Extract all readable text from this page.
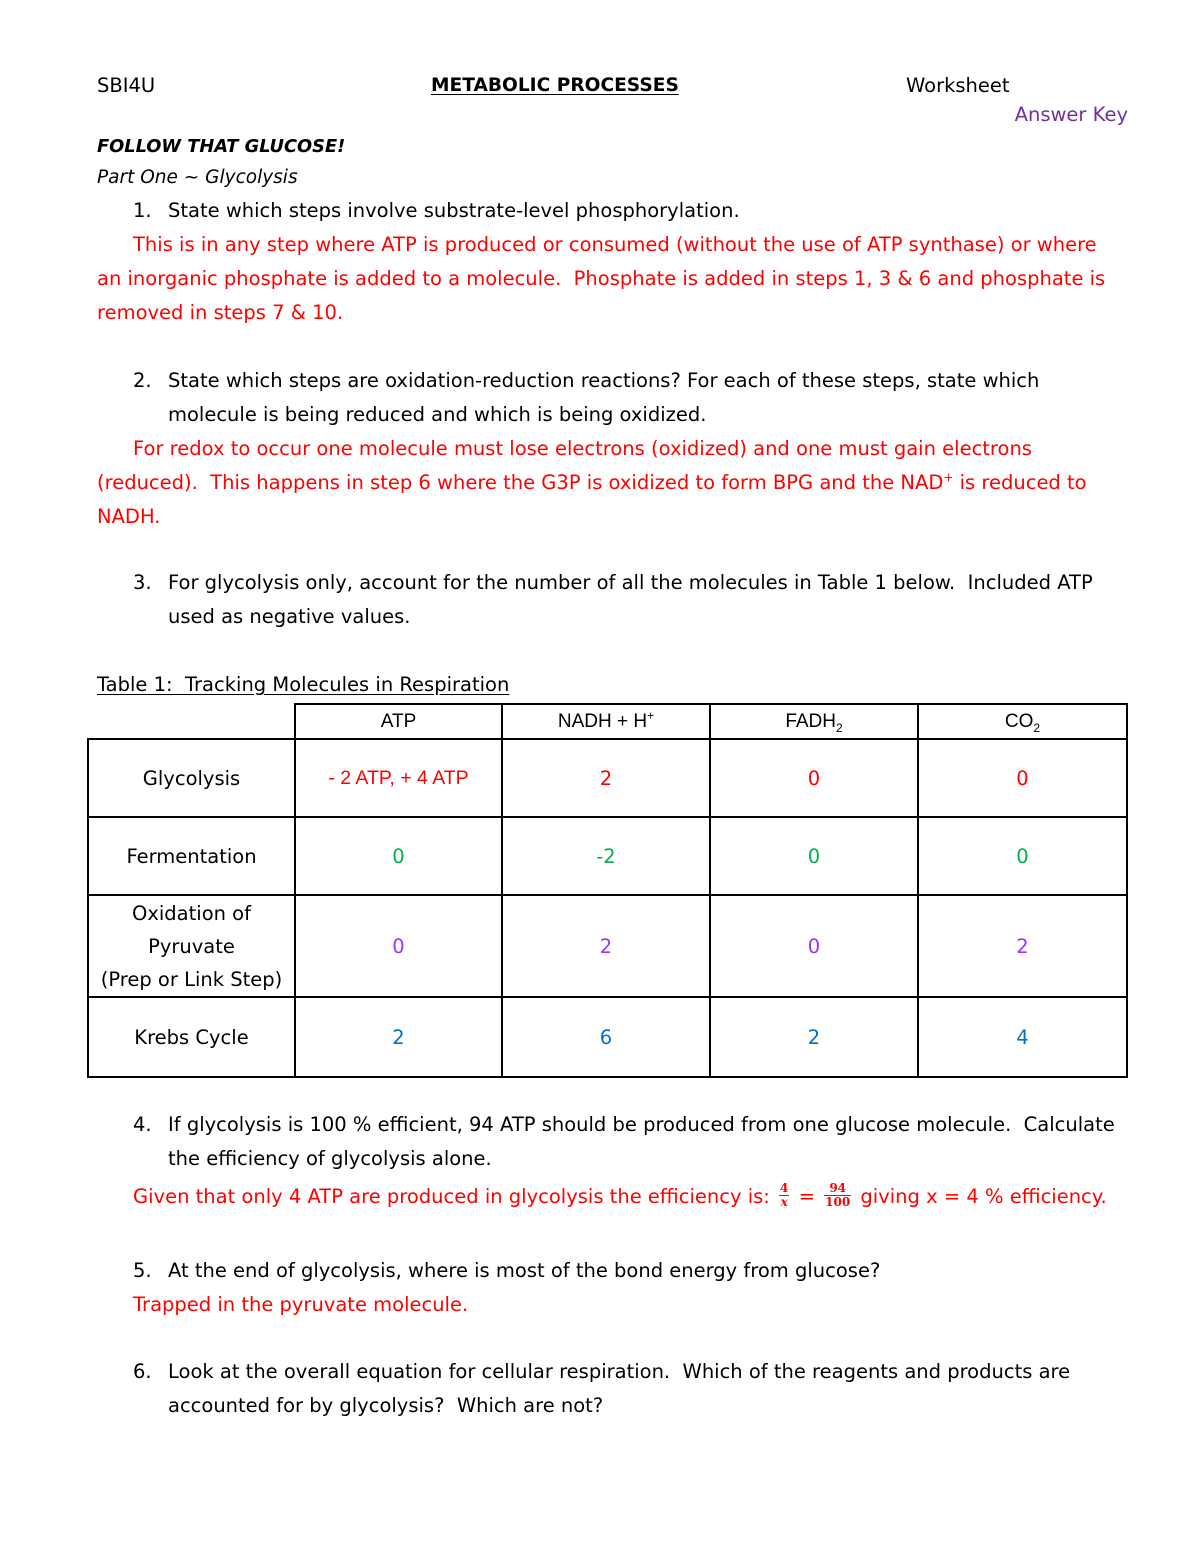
SBI4U	METABOLIC PROCESSES	Worksheet
Answer Key
FOLLOW THAT GLUCOSE!
Part One ~ Glycolysis
1. State which steps involve substrate-level phosphorylation.
This is in any step where ATP is produced or consumed (without the use of ATP synthase) or where
an inorganic phosphate is added to a molecule.  Phosphate is added in steps 1, 3 & 6 and phosphate is
removed in steps 7 & 10.
2. State which steps are oxidation-reduction reactions? For each of these steps, state which
molecule is being reduced and which is being oxidized.
For redox to occur one molecule must lose electrons (oxidized) and one must gain electrons
(reduced).  This happens in step 6 where the G3P is oxidized to form BPG and the NAD+ is reduced to
NADH.
3. For glycolysis only, account for the number of all the molecules in Table 1 below.  Included ATP
used as negative values.
Table 1:  Tracking Molecules in Respiration
	ATP	NADH + H+	$FADH_2$	$CO_2$

Glycolysis	- 2 ATP, + 4 ATP	2	0	0

Fermentation	0	-2	0	0

Oxidation of
Pyruvate
(Prep or Link Step)	0	2	0	2

Krebs Cycle	2	6	2	4
4. If glycolysis is 100 % efficient, 94 ATP should be produced from one glucose molecule.  Calculate
the efficiency of glycolysis alone.
Given that only 4 ATP are produced in glycolysis the efficiency is: $\frac{4}{x} = \frac{94}{100}$ giving x = 4 % efficiency.
5. At the end of glycolysis, where is most of the bond energy from glucose?
Trapped in the pyruvate molecule.
6. Look at the overall equation for cellular respiration.  Which of the reagents and products are
accounted for by glycolysis?  Which are not?
